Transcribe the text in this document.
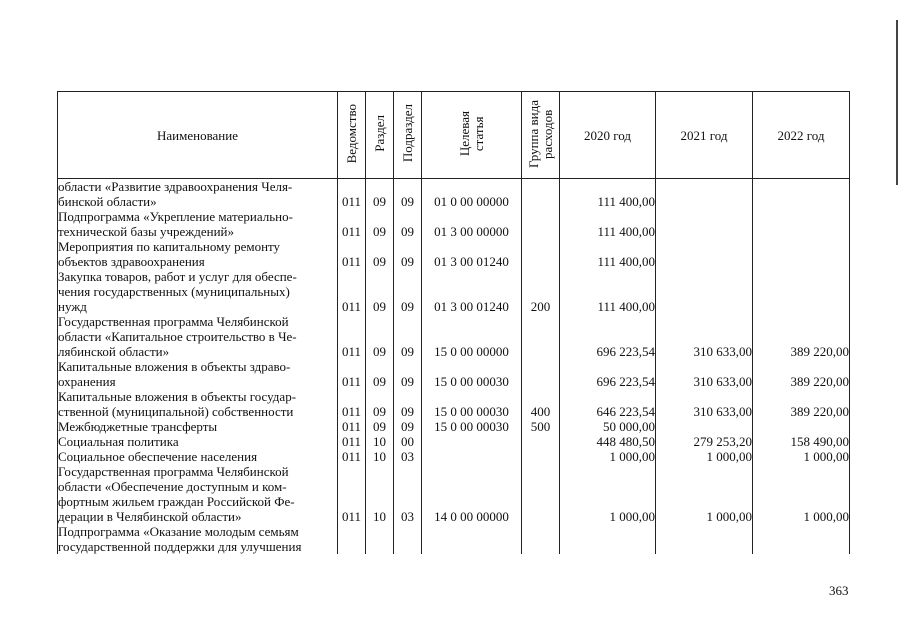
Наименование	Ведомство	Раздел	Подраздел	Целевая
статья	Группа вида
расходов	2020 год	2021 год	2022 год

области «Развитие здравоохранения Челя-
бинской области»	011	09	09	01 0 00 00000		111 400,00		

Подпрограмма «Укрепление материально-
технической базы учреждений»	011	09	09	01 3 00 00000		111 400,00		

Мероприятия по капитальному ремонту
объектов здравоохранения	011	09	09	01 3 00 01240		111 400,00		

Закупка товаров, работ и услуг для обеспе-
чения государственных (муниципальных)
нужд	011	09	09	01 3 00 01240	200	111 400,00		

Государственная программа Челябинской
области «Капитальное строительство в Че-
лябинской области»	011	09	09	15 0 00 00000		696 223,54	310 633,00	389 220,00

Капитальные вложения в объекты здраво-
охранения	011	09	09	15 0 00 00030		696 223,54	310 633,00	389 220,00

Капитальные вложения в объекты государ-
ственной (муниципальной) собственности	011	09	09	15 0 00 00030	400	646 223,54	310 633,00	389 220,00

Межбюджетные трансферты	011	09	09	15 0 00 00030	500	50 000,00		

Социальная политика	011	10	00			448 480,50	279 253,20	158 490,00

Социальное обеспечение населения	011	10	03			1 000,00	1 000,00	1 000,00

Государственная программа Челябинской
области «Обеспечение доступным и ком-
фортным жильем граждан Российской Фе-
дерации в Челябинской области»	011	10	03	14 0 00 00000		1 000,00	1 000,00	1 000,00

Подпрограмма «Оказание молодым семьям
государственной поддержки для улучшения								

363
